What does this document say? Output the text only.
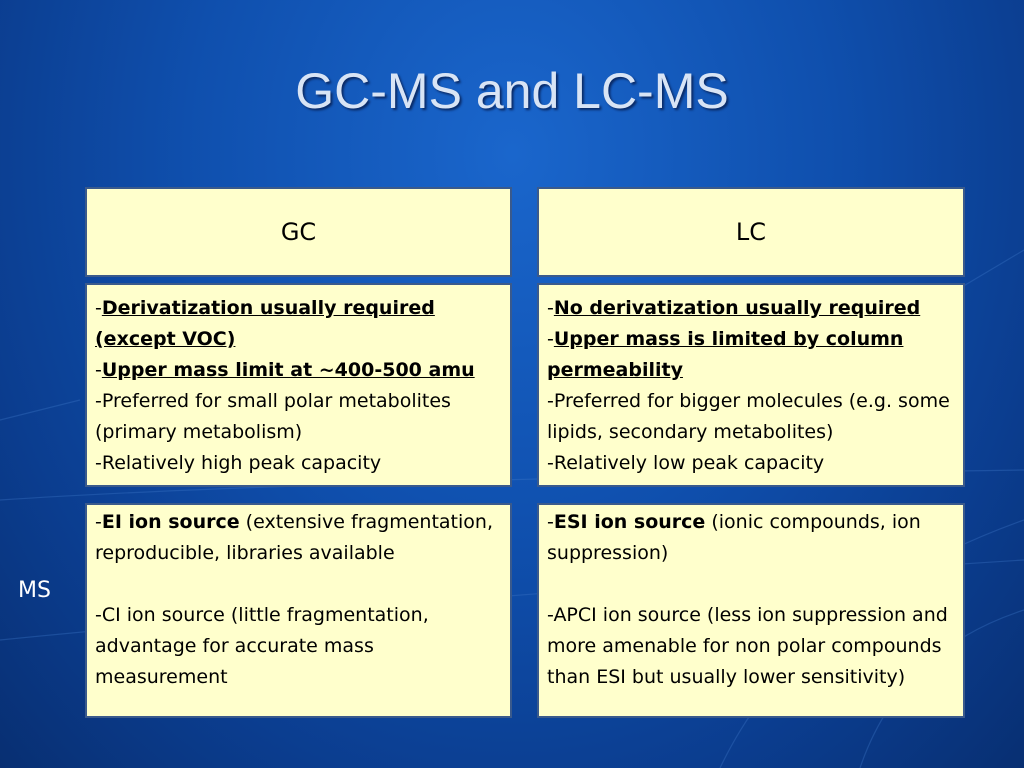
GC-MS and LC-MS
GC	LC

-Derivatization usually required (except VOC)

-Upper mass limit at ~400-500 amu

-Preferred for small polar metabolites (primary metabolism)

-Relatively high peak capacity

-No derivatization usually required

-Upper mass is limited by column permeability

-Preferred for bigger molecules (e.g. some lipids, secondary metabolites)

-Relatively low peak capacity

MS

-EI ion source (extensive fragmentation, reproducible, libraries available

-CI ion source (little fragmentation, advantage for accurate mass measurement

-ESI ion source (ionic compounds, ion suppression)

-APCI ion source (less ion suppression and more amenable for non polar compounds than ESI but usually lower sensitivity)
